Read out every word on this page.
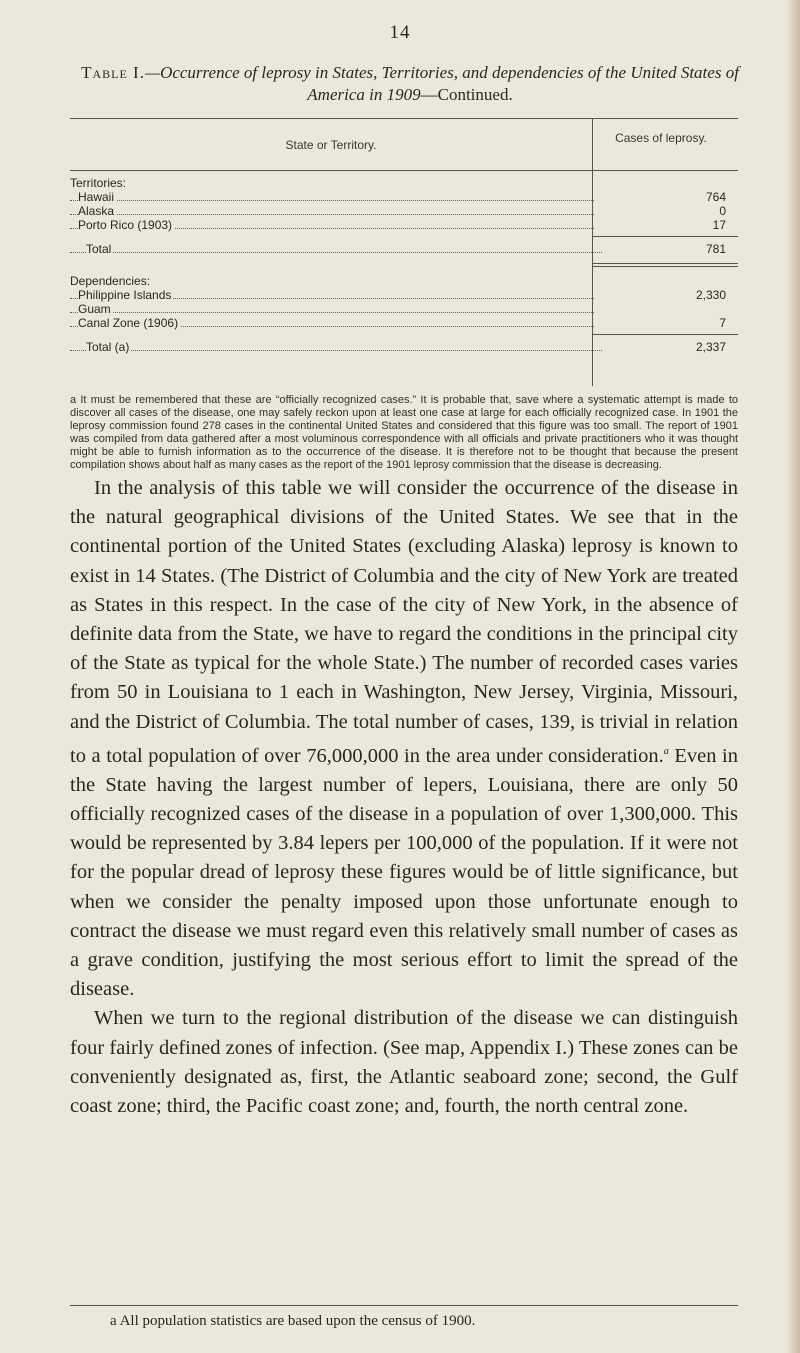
14
Table I.—Occurrence of leprosy in States, Territories, and dependencies of the United States of America in 1909—Continued.
State or Territory.	Cases of leprosy.
Territories:
Hawaii	764
Alaska	0
Porto Rico (1903)	17
Total	781
Dependencies:
Philippine Islands	2,330
Guam
Canal Zone (1906)	7
Total (a)	2,337
a It must be remembered that these are “officially recognized cases.” It is probable that, save where a systematic attempt is made to discover all cases of the disease, one may safely reckon upon at least one case at large for each officially recognized case. In 1901 the leprosy commission found 278 cases in the continental United States and considered that this figure was too small. The report of 1901 was compiled from data gathered after a most voluminous correspondence with all officials and private practitioners who it was thought might be able to furnish information as to the occurrence of the disease. It is therefore not to be thought that because the present compilation shows about half as many cases as the report of the 1901 leprosy commission that the disease is decreasing.

In the analysis of this table we will consider the occurrence of the disease in the natural geographical divisions of the United States. We see that in the continental portion of the United States (excluding Alaska) leprosy is known to exist in 14 States. (The District of Columbia and the city of New York are treated as States in this respect. In the case of the city of New York, in the absence of definite data from the State, we have to regard the conditions in the principal city of the State as typical for the whole State.) The number of recorded cases varies from 50 in Louisiana to 1 each in Washington, New Jersey, Virginia, Missouri, and the District of Columbia. The total number of cases, 139, is trivial in relation to a total population of over 76,000,000 in the area under consideration.$^a$ Even in the State having the largest number of lepers, Louisiana, there are only 50 officially recognized cases of the disease in a population of over 1,300,000. This would be represented by 3.84 lepers per 100,000 of the population. If it were not for the popular dread of leprosy these figures would be of little significance, but when we consider the penalty imposed upon those unfortunate enough to contract the disease we must regard even this relatively small number of cases as a grave condition, justifying the most serious effort to limit the spread of the disease.

When we turn to the regional distribution of the disease we can distinguish four fairly defined zones of infection. (See map, Appendix I.) These zones can be conveniently designated as, first, the Atlantic seaboard zone; second, the Gulf coast zone; third, the Pacific coast zone; and, fourth, the north central zone.

a All population statistics are based upon the census of 1900.
